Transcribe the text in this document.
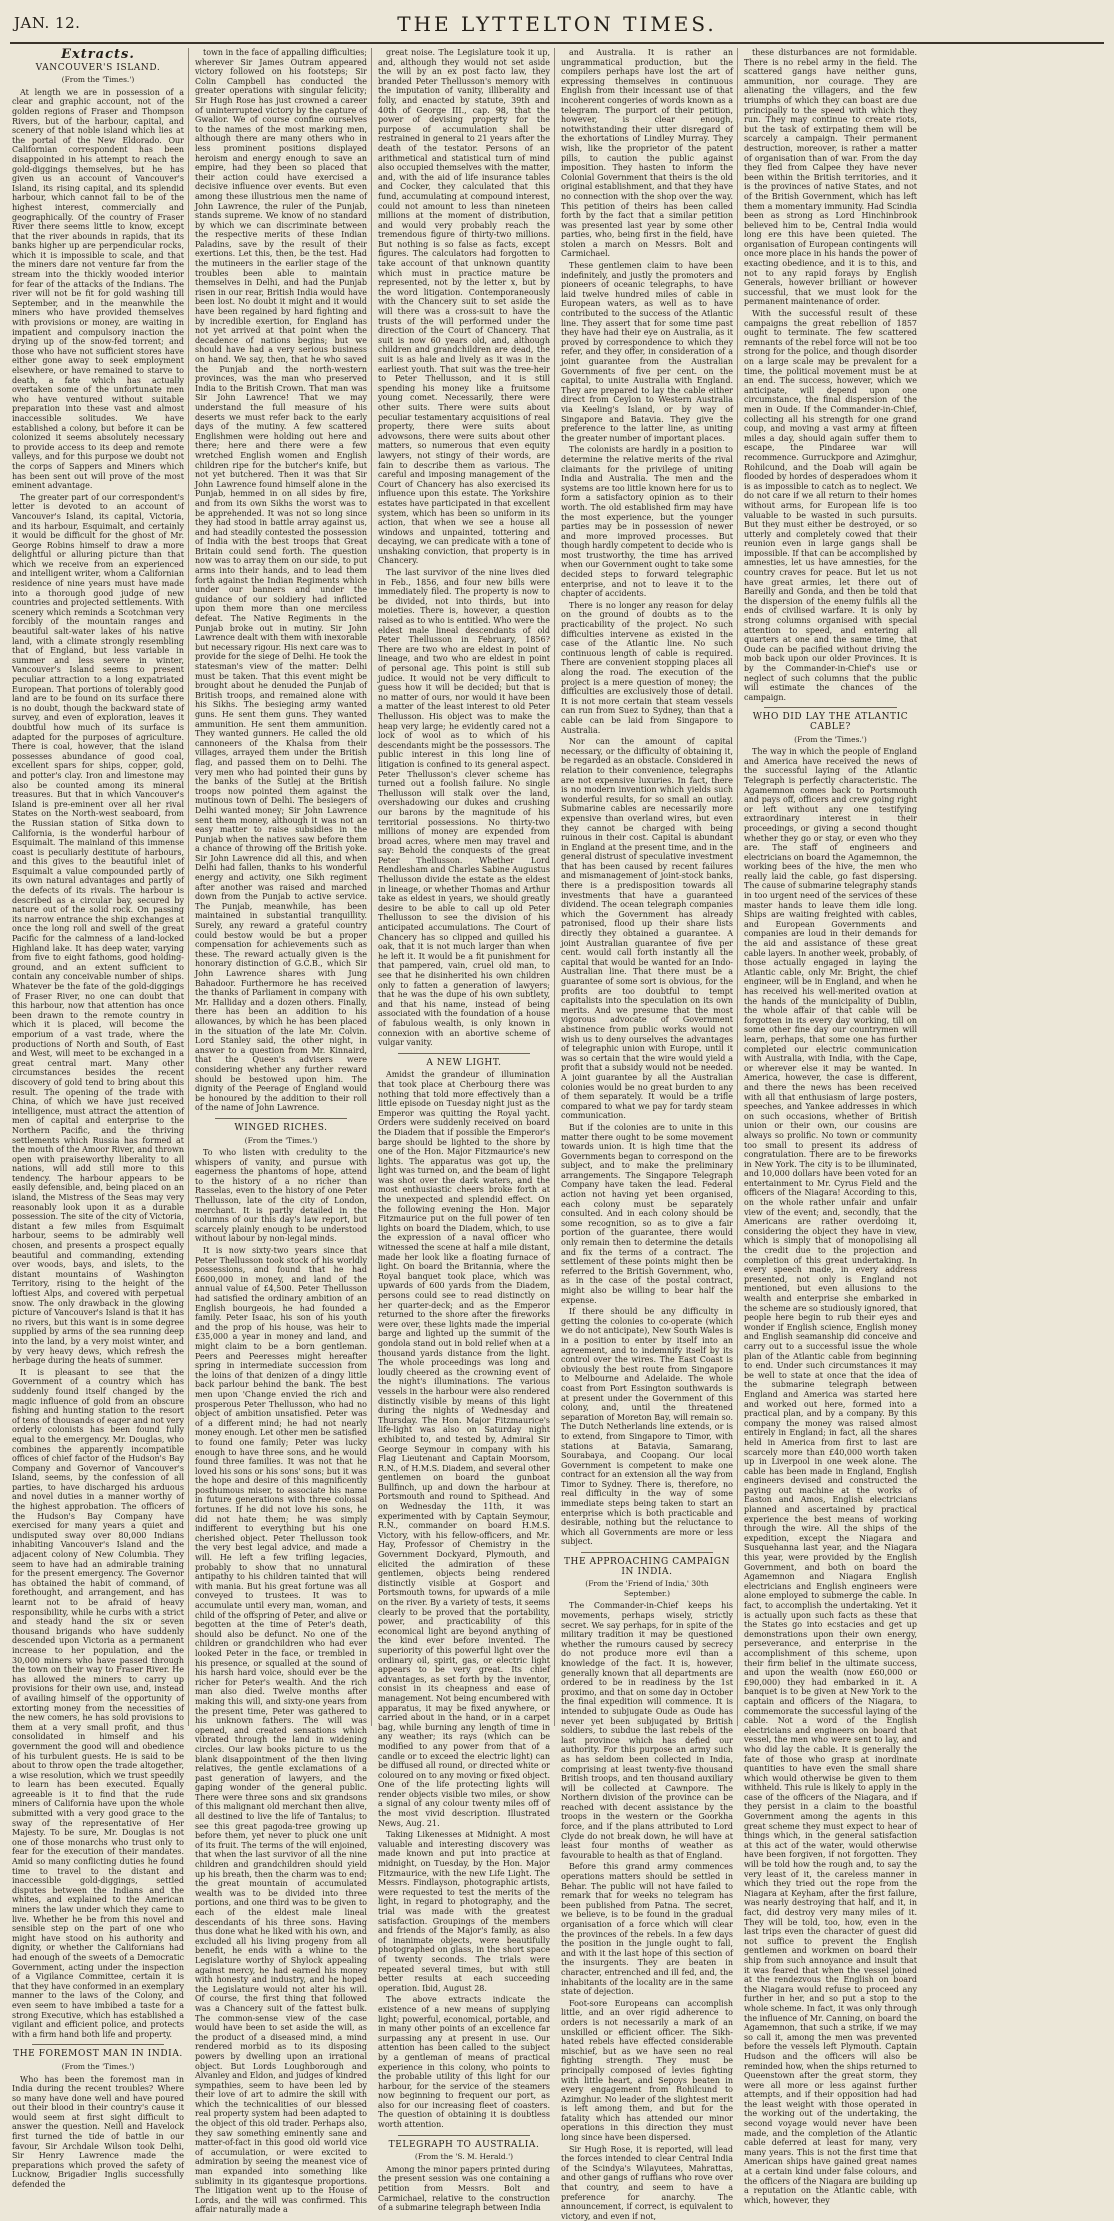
JAN. 12.	THE LYTTELTON TIMES.
Extracts.
VANCOUVER'S ISLAND.
(From the 'Times.')

At length we are in possession of a clear and graphic account, not of the golden regions of Fraser and Thompson Rivers, but of the harbour, capital, and scenery of that noble island which lies at the portal of the New Eldorado. Our Californian correspondent has been disappointed in his attempt to reach the gold-diggings themselves, but he has given us an account of Vancouver's Island, its rising capital, and its splendid harbour, which cannot fail to be of the highest interest, commercially and geographically. Of the country of Fraser River there seems little to know, except that the river abounds in rapids, that its banks higher up are perpendicular rocks, which it is impossible to scale, and that the miners dare not venture far from the stream into the thickly wooded interior for fear of the attacks of the Indians. The river will not be fit for gold washing till September, and in the meanwhile the miners who have provided themselves with provisions or money, are waiting in impatient and compulsory inaction the drying up of the snow-fed torrent; and those who have not sufficient stores have either gone away to seek employment elsewhere, or have remained to starve to death, a fate which has actually overtaken some of the unfortunate men who have ventured without suitable preparation into these vast and almost inaccessible solitudes. We have established a colony, but before it can be colonized it seems absolutely necessary to provide access to its deep and remote valleys, and for this purpose we doubt not the corps of Sappers and Miners which has been sent out will prove of the most eminent advantage.

The greater part of our correspondent's letter is devoted to an account of Vancouver's Island, its capital, Victoria, and its harbour, Esquimalt, and certainly it would be difficult for the ghost of Mr. George Robins himself to draw a more delightful or alluring picture than that which we receive from an experienced and intelligent writer, whom a Californian residence of nine years must have made into a thorough good judge of new countries and projected settlements. With scenery which reminds a Scotchman very forcibly of the mountain ranges and beautiful salt-water lakes of his native land, with a climate strongly resembling that of England, but less variable in summer and less severe in winter, Vancouver's Island seems to present peculiar attraction to a long expatriated European. That portions of tolerably good land are to be found on its surface there is no doubt, though the backward state of survey, and even of exploration, leaves it doubtful how much of its surface is adapted for the purposes of agriculture. There is coal, however, that the island possesses abundance of good coal, excellent spars for ships, copper, gold, and potter's clay. Iron and limestone may also be counted among its mineral treasures. But that in which Vancouver's Island is pre-eminent over all her rival States on the North-west seaboard, from the Russian station of Sitka down to California, is the wonderful harbour of Esquimalt. The mainland of this immense coast is peculiarly destitute of harbours, and this gives to the beautiful inlet of Esquimalt a value compounded partly of its own natural advantages and partly of the defects of its rivals. The harbour is described as a circular bay, secured by nature out of the solid rock. On passing its narrow entrance the ship exchanges at once the long roll and swell of the great Pacific for the calmness of a land-locked Highland lake. It has deep water, varying from five to eight fathoms, good holding-ground, and an extent sufficient to contain any conceivable number of ships. Whatever be the fate of the gold-diggings of Fraser River, no one can doubt that this harbour, now that attention has once been drawn to the remote country in which it is placed, will become the emporium of a vast trade, where the productions of North and South, of East and West, will meet to be exchanged in a great central mart. Many other circumstances besides the recent discovery of gold tend to bring about this result. The opening of the trade with China, of which we have just received intelligence, must attract the attention of men of capital and enterprise to the Northern Pacific, and the thriving settlements which Russia has formed at the mouth of the Amoor River, and thrown open with praiseworthy liberality to all nations, will add still more to this tendency. The harbour appears to be easily defensible, and, being placed on an island, the Mistress of the Seas may very reasonably look upon it as a durable possession. The site of the city of Victoria, distant a few miles from Esquimalt harbour, seems to be admirably well chosen, and presents a prospect equally beautiful and commanding, extending over woods, bays, and islets, to the distant mountains of Washington Territory, rising to the height of the loftiest Alps, and covered with perpetual snow. The only drawback in the glowing picture of Vancouver's Island is that it has no rivers, but this want is in some degree supplied by arms of the sea running deep into the land, by a very moist winter, and by very heavy dews, which refresh the herbage during the heats of summer.

It is pleasant to see that the Government of a country which has suddenly found itself changed by the magic influence of gold from an obscure fishing and hunting station to the resort of tens of thousands of eager and not very orderly colonists has been found fully equal to the emergency. Mr. Douglas, who combines the apparently incompatible offices of chief factor of the Hudson's Bay Company and Governor of Vancouver's Island, seems, by the confession of all parties, to have discharged his arduous and novel duties in a manner worthy of the highest approbation. The officers of the Hudson's Bay Company have exercised for many years a quiet and undisputed sway over 80,000 Indians inhabiting Vancouver's Island and the adjacent colony of New Columbia. They seem to have had an admirable training for the present emergency. The Governor has obtained the habit of command, of forethought, and arrangement, and has learnt not to be afraid of heavy responsibility, while he curbs with a strict and steady hand the six or seven thousand brigands who have suddenly descended upon Victoria as a permanent increase to her population, and the 30,000 miners who have passed through the town on their way to Fraser River. He has allowed the miners to carry up provisions for their own use, and, instead of availing himself of the opportunity of extorting money from the necessities of the new comers, he has sold provisions to them at a very small profit, and thus consolidated in himself and his government the good will and obedience of his turbulent guests. He is said to be about to throw open the trade altogether, a wise resolution, which we trust speedily to learn has been executed. Equally agreeable is it to find that the rude miners of California have upon the whole submitted with a very good grace to the sway of the representative of Her Majesty. To be sure, Mr. Douglas is not one of those monarchs who trust only to fear for the execution of their mandates. Amid so many conflicting duties he found time to travel to the distant and inaccessible gold-diggings, settled disputes between the Indians and the whites, and explained to the American miners the law under which they came to live. Whether he be from this novel and sensible step on the part of one who might have stood on his authority and dignity, or whether the Californians had had enough of the sweets of a Democratic Government, acting under the inspection of a Vigilance Committee, certain it is that they have conformed in an exemplary manner to the laws of the Colony, and even seem to have imbibed a taste for a strong Executive, which has established a vigilant and efficient police, and protects with a firm hand both life and property.

THE FOREMOST MAN IN INDIA.
(From the 'Times.')

Who has been the foremost man in India during the recent troubles? Where so many have done well and have poured out their blood in their country's cause it would seem at first sight difficult to answer the question. Neill and Havelock first turned the tide of battle in our favour, Sir Archdale Wilson took Delhi, Sir Henry Lawrence made the preparations which proved the safety of Lucknow, Brigadier Inglis successfully defended the

town in the face of appalling difficulties; wherever Sir James Outram appeared victory followed on his footsteps; Sir Colin Campbell has conducted the greater operations with singular felicity; Sir Hugh Rose has just crowned a career of uninterrupted victory by the capture of Gwalior. We of course confine ourselves to the names of the most marking men, although there are many others who in less prominent positions displayed heroism and energy enough to save an empire, had they been so placed that their action could have exercised a decisive influence over events. But even among these illustrious men the name of John Lawrence, the ruler of the Punjab, stands supreme. We know of no standard by which we can discriminate between the respective merits of these Indian Paladins, save by the result of their exertions. Let this, then, be the test. Had the mutineers in the earlier stage of the troubles been able to maintain themselves in Delhi, and had the Punjab risen in our rear, British India would have been lost. No doubt it might and it would have been regained by hard fighting and by incredible exertion, for England has not yet arrived at that point when the decadence of nations begins; but we should have had a very serious business on hand. We say, then, that he who saved the Punjab and the north-western provinces, was the man who preserved India to the British Crown. That man was Sir John Lawrence! That we may understand the full measure of his deserts we must refer back to the early days of the mutiny. A few scattered Englishmen were holding out here and there; here and there were a few wretched English women and English children ripe for the butcher's knife, but not yet butchered. Then it was that Sir John Lawrence found himself alone in the Punjab, hemmed in on all sides by fire, and from its own Sikhs the worst was to be apprehended. It was not so long since they had stood in battle array against us, and had steadily contested the possession of India with the best troops that Great Britain could send forth. The question now was to array them on our side, to put arms into their hands, and to lead them forth against the Indian Regiments which under our banners and under the guidance of our soldiery had inflicted upon them more than one merciless defeat. The Native Regiments in the Punjab broke out in mutiny. Sir John Lawrence dealt with them with inexorable but necessary rigour. His next care was to provide for the siege of Delhi. He took the statesman's view of the matter: Delhi must be taken. That this event might be brought about he denuded the Punjab of British troops, and remained alone with his Sikhs. The besieging army wanted guns. He sent them guns. They wanted ammunition. He sent them ammunition. They wanted gunners. He called the old cannoneers of the Khalsa from their villages, arrayed them under the British flag, and passed them on to Delhi. The very men who had pointed their guns by the banks of the Sutlej at the British troops now pointed them against the mutinous town of Delhi. The besiegers of Delhi wanted money; Sir John Lawrence sent them money, although it was not an easy matter to raise subsidies in the Punjab when the natives saw before them a chance of throwing off the British yoke. Sir John Lawrence did all this, and when Delhi had fallen, thanks to his wonderful energy and activity, one Sikh regiment after another was raised and marched down from the Punjab to active service. The Punjab, meanwhile, has been maintained in substantial tranquillity. Surely, any reward a grateful country could bestow would be but a proper compensation for achievements such as these. The reward actually given is the honorary distinction of G.C.B., which Sir John Lawrence shares with Jung Bahadoor. Furthermore he has received the thanks of Parliament in company with Mr. Halliday and a dozen others. Finally, there has been an addition to his allowances, by which he has been placed in the situation of the late Mr. Colvin. Lord Stanley said, the other night, in answer to a question from Mr. Kinnaird, that the Queen's advisers were considering whether any further reward should be bestowed upon him. The dignity of the Peerage of England would be honoured by the addition to their roll of the name of John Lawrence.

WINGED RICHES.
(From the 'Times.')

To who listen with credulity to the whispers of vanity, and pursue with eagerness the phantoms of hope, attend to the history of a no richer than Rasselas, even to the history of one Peter Thellusson, late of the city of London, merchant. It is partly detailed in the columns of our this day's law report, but scarcely plainly enough to be understood without labour by non-legal minds.

It is now sixty-two years since that Peter Thellusson took stock of his worldly possessions, and found that he had £600,000 in money, and land of the annual value of £4,500. Peter Thellusson had satisfied the ordinary ambition of an English bourgeois, he had founded a family. Peter Isaac, his son of his youth and the prop of his house, was heir to £35,000 a year in money and land, and might claim to be a born gentleman. Peers and Peeresses might hereafter spring in intermediate succession from the loins of that denizen of a dingy little back parlour behind the bank. The best men upon 'Change envied the rich and prosperous Peter Thellusson, who had no object of ambition unsatisfied. Peter was of a different mind; he had not nearly money enough. Let other men be satisfied to found one family; Peter was lucky enough to have three sons, and he would found three families. It was not that he loved his sons or his sons' sons; but it was the hope and desire of this magnificently posthumous miser, to associate his name in future generations with three colossal fortunes. If he did not love his sons, he did not hate them; he was simply indifferent to everything but his one cherished object. Peter Thellusson took the very best legal advice, and made a will. He left a few trifling legacies, probably to show that no unnatural antipathy to his children tainted that will with mania. But his great fortune was all conveyed to trustees. It was to accumulate until every man, woman, and child of the offspring of Peter, and alive or begotten at the time of Peter's death, should also be defunct. No one of the children or grandchildren who had ever looked Peter in the face, or trembled in his presence, or squalled at the sound of his harsh hard voice, should ever be the richer for Peter's wealth. And the rich man also died. Twelve months after making this will, and sixty-one years from the present time, Peter was gathered to his unknown fathers. The will was opened, and created sensations which vibrated through the land in widening circles. Our law books picture to us the blank disappointment of the then living relatives, the gentle exclamations of a past generation of lawyers, and the gaping wonder of the general public. There were three sons and six grandsons of this malignant old merchant then alive, all destined to live the life of Tantalus; to see this great pagoda-tree growing up before them, yet never to pluck one unit of its fruit. The terms of the will enjoined, that when the last survivor of all the nine children and grandchildren should yield up his breath, then the charm was to end; the great mountain of accumulated wealth was to be divided into three portions, and one third was to be given to each of the eldest male lineal descendants of his three sons. Having thus done what he liked with his own, and excluded all his living progeny from all benefit, he ends with a whine to the Legislature worthy of Shylock appealing against mercy, he had earned his money with honesty and industry, and he hoped the Legislature would not alter his will. Of course, the first thing that followed was a Chancery suit of the fattest bulk. The common-sense view of the case would have been to set aside the will, as the product of a diseased mind, a mind rendered morbid as to its disposing powers by dwelling upon an irrational object. But Lords Loughborough and Alvanley and Eldon, and judges of kindred sympathies, seem to have been led by their love of art to admire the skill with which the technicalities of our blessed real property system had been adapted to the object of this old trader. Perhaps also, they saw something eminently sane and matter-of-fact in this good old world vice of accumulation, or were excited to admiration by seeing the meanest vice of man expanded into something like sublimity in its gigantesque proportions. The litigation went up to the House of Lords, and the will was confirmed. This affair naturally made a

great noise. The Legislature took it up, and, although they would not set aside the will by an ex post facto law, they branded Peter Thellusson's memory with the imputation of vanity, illiberality and folly, and enacted by statute, 39th and 40th of George III., cap. 98, that the power of devising property for the purpose of accumulation shall be restrained in general to 21 years after the death of the testator. Persons of an arithmetical and statistical turn of mind also occupied themselves with the matter, and, with the aid of life insurance tables and Cocker, they calculated that this fund, accumulating at compound interest, could not amount to less than nineteen millions at the moment of distribution, and would very probably reach the tremendous figure of thirty-two millions. But nothing is so false as facts, except figures. The calculators had forgotten to take account of that unknown quantity which must in practice mature be represented, not by the letter x, but by the word litigation. Contemporaneously with the Chancery suit to set aside the will there was a cross-suit to have the trusts of the will performed under the direction of the Court of Chancery. That suit is now 60 years old, and, although children and grandchildren are dead, the suit is as hale and lively as it was in the earliest youth. That suit was the tree-heir to Peter Thellusson, and it is still spending his money like a fruitsome young comet. Necessarily, there were other suits. There were suits about peculiar testamentary acquisitions of real property, there were suits about advowsons, there were suits about other matters, so numerous that even equity lawyers, not stingy of their words, are fain to describe them as various. The careful and imposing management of the Court of Chancery has also exercised its influence upon this estate. The Yorkshire estates have participated in that excellent system, which has been so uniform in its action, that when we see a house all windows and unpainted, tottering and decaying, we can predicate with a tone of unshaking conviction, that property is in Chancery.

The last survivor of the nine lives died in Feb., 1856, and four new bills were immediately filed. The property is now to be divided, not into thirds, but into moieties. There is, however, a question raised as to who is entitled. Who were the eldest male lineal descendants of old Peter Thellusson in February, 1856? There are two who are eldest in point of lineage, and two who are eldest in point of personal age. This point is still sub judice. It would not be very difficult to guess how it will be decided; but that is no matter of ours, nor would it have been a matter of the least interest to old Peter Thellusson. His object was to make the heap very large; he evidently cared not a lock of wool as to which of his descendants might be the possessors. The public interest in this long line of litigation is confined to its general aspect. Peter Thellusson's clever scheme has turned out a foolish failure. No single Thellusson will stalk over the land, overshadowing our dukes and crushing our barons by the magnitude of his territorial possessions. No thirty-two millions of money are expended from broad acres, where men may travel and say: Behold the conquests of the great Peter Thellusson. Whether Lord Rendlesham and Charles Sabine Augustus Thellusson divide the estate as the eldest in lineage, or whether Thomas and Arthur take as eldest in years, we should greatly desire to be able to call up old Peter Thellusson to see the division of his anticipated accumulations. The Court of Chancery has so clipped and quilled his oak, that it is not much larger than when he left it. It would be a fit punishment for that pampered, vain, cruel old man, to see that he disinherited his own children only to fatten a generation of lawyers; that he was the dupe of his own subtlety, and that his name, instead of being associated with the foundation of a house of fabulous wealth, is only known in connexion with an abortive scheme of vulgar vanity.

A NEW LIGHT.

Amidst the grandeur of illumination that took place at Cherbourg there was nothing that told more effectively than a little episode on Tuesday night just as the Emperor was quitting the Royal yacht. Orders were suddenly received on board the Diadem that if possible the Emperor's barge should be lighted to the shore by one of the Hon. Major Fitzmaurice's new lights. The apparatus was got up, the light was turned on, and the beam of light was shot over the dark waters, and the most enthusiastic cheers broke forth at the unexpected and splendid effect. On the following evening the Hon. Major Fitzmaurice put on the full power of ten lights on board the Diadem, which, to use the expression of a naval officer who witnessed the scene at half a mile distant, made her look like a floating furnace of light. On board the Britannia, where the Royal banquet took place, which was upwards of 600 yards from the Diadem, persons could see to read distinctly on her quarter-deck; and as the Emperor returned to the shore after the fireworks were over, these lights made the imperial barge and lighted up the summit of the gondola stand out in bold relief when at a thousand yards distance from the light. The whole proceedings was long and loudly cheered as the crowning event of the night's illuminations. The various vessels in the harbour were also rendered distinctly visible by means of this light during the nights of Wednesday and Thursday. The Hon. Major Fitzmaurice's life-light was also on Saturday night exhibited to, and tested by, Admiral Sir George Seymour in company with his Flag Lieutenant and Captain Moorsom, R.N., of H.M.S. Diadem, and several other gentlemen on board the gunboat Bullfinch, up and down the harbour at Portsmouth and round to Spithead. And on Wednesday the 11th, it was experimented with by Captain Seymour, R.N., commander on board H.M.S. Victory, with his fellow-officers, and Mr. Hay, Professor of Chemistry in the Government Dockyard, Plymouth, and elicited the admiration of these gentlemen, objects being rendered distinctly visible at Gosport and Portsmouth towns, for upwards of a mile on the river. By a variety of tests, it seems clearly to be proved that the portability, power, and practicability of this economical light are beyond anything of the kind ever before invented. The superiority of this powerful light over the ordinary oil, spirit, gas, or electric light appears to be very great. Its chief advantages, as set forth by the inventor, consist in its cheapness and ease of management. Not being encumbered with apparatus, it may be fixed anywhere, or carried about in the hand, or in a carpet bag, while burning any length of time in any weather; its rays (which can be modified to any power from that of a candle or to exceed the electric light) can be diffused all round, or directed white or coloured on to any moving or fixed object. One of the life protecting lights will render objects visible two miles, or show a signal of any colour twenty miles off of the most vivid description. Illustrated News, Aug. 21.

Taking Likenesses at Midnight. A most valuable and interesting discovery was made known and put into practice at midnight, on Tuesday, by the Hon. Major Fitzmaurice, with the new Life Light. The Messrs. Findlayson, photographic artists, were requested to test the merits of the light, in regard to photography, and the trial was made with the greatest satisfaction. Groupings of the members and friends of the Major's family, as also of inanimate objects, were beautifully photographed on glass, in the short space of twenty seconds. The trials were repeated several times, but with still better results at each succeeding operation. Ibid, August 28.

The above extracts indicate the existence of a new means of supplying light; powerful, economical, portable, and in many other points of an excellence far surpassing any at present in use. Our attention has been called to the subject by a gentleman of means of practical experience in this colony, who points to the probable utility of this light for our harbour, for the service of the steamers now beginning to frequent our port, as also for our increasing fleet of coasters. The question of obtaining it is doubtless worth attention.

TELEGRAPH TO AUSTRALIA.
(From the 'S. M. Herald.')

Among the minor papers printed during the present session was one containing a petition from Messrs. Bolt and Carmichael, relative to the construction of a submarine telegraph between India

and Australia. It is rather an ungrammatical production, but the compilers perhaps have lost the art of expressing themselves in continuous English from their incessant use of that incoherent congeries of words known as a telegram. The purport of their petition, however, is clear enough, notwithstanding their utter disregard of the exhortations of Lindley Murray. They wish, like the proprietor of the patent pills, to caution the public against imposition. They hasten to inform the Colonial Government that theirs is the old original establishment, and that they have no connection with the shop over the way. This petition of theirs has been called forth by the fact that a similar petition was presented last year by some other parties, who, being first in the field, have stolen a march on Messrs. Bolt and Carmichael.

These gentlemen claim to have been indefinitely, and justly the promoters and pioneers of oceanic telegraphs, to have laid twelve hundred miles of cable in European waters, as well as to have contributed to the success of the Atlantic line. They assert that for some time past they have had their eye on Australia, as it proved by correspondence to which they refer, and they offer, in consideration of a joint guarantee from the Australian Governments of five per cent. on the capital, to unite Australia with England. They are prepared to lay the cable either direct from Ceylon to Western Australia via Keeling's Island, or by way of Singapore and Batavia. They give the preference to the latter line, as uniting the greater number of important places.

The colonists are hardly in a position to determine the relative merits of the rival claimants for the privilege of uniting India and Australia. The men and the systems are too little known here for us to form a satisfactory opinion as to their worth. The old established firm may have the most experience, but the younger parties may be in possession of newer and more improved processes. But though hardly competent to decide who is most trustworthy, the time has arrived when our Government ought to take some decided steps to forward telegraphic enterprise, and not to leave it to the chapter of accidents.

There is no longer any reason for delay on the ground of doubts as to the practicability of the project. No such difficulties intervene as existed in the case of the Atlantic line. No such continuous length of cable is required. There are convenient stopping places all along the road. The execution of the project is a mere question of money; the difficulties are exclusively those of detail. It is not more certain that steam vessels can run from Suez to Sydney, than that a cable can be laid from Singapore to Australia.

Nor can the amount of capital necessary, or the difficulty of obtaining it, be regarded as an obstacle. Considered in relation to their convenience, telegraphs are not expensive luxuries. In fact, there is no modern invention which yields such wonderful results, for so small an outlay. Submarine cables are necessarily more expensive than overland wires, but even they cannot be charged with being ruinous in their cost. Capital is abundant in England at the present time, and in the general distrust of speculative investment that has been caused by recent failures and mismanagement of joint-stock banks, there is a predisposition towards all investments that have a guaranteed dividend. The ocean telegraph companies which the Government has already patronised, flood up their share lists directly they obtained a guarantee. A joint Australian guarantee of five per cent. would call forth instantly all the capital that would be wanted for an Indo-Australian line. That there must be a guarantee of some sort is obvious, for the profits are too doubtful to tempt capitalists into the speculation on its own merits. And we presume that the most vigorous advocate of Government abstinence from public works would not wish us to deny ourselves the advantages of telegraphic union with Europe, until it was so certain that the wire would yield a profit that a subsidy would not be needed. A joint guarantee by all the Australian colonies would be no great burden to any of them separately. It would be a trifle compared to what we pay for tardy steam communication.

But if the colonies are to unite in this matter there ought to be some movement towards union. It is high time that the Governments began to correspond on the subject, and to make the preliminary arrangements. The Singapore Telegraph Company have taken the lead. Federal action not having yet been organised, each colony must be separately consulted. And in each colony should be some recognition, so as to give a fair portion of the guarantee, there would only remain then to determine the details and fix the terms of a contract. The settlement of these points might then be referred to the British Government, who, as in the case of the postal contract, might also be willing to bear half the expense.

If there should be any difficulty in getting the colonies to co-operate (which we do not anticipate), New South Wales is in a position to enter by itself into an agreement, and to indemnify itself by its control over the wires. The East Coast is obviously the best route from Singapore to Melbourne and Adelaide. The whole coast from Port Essington southwards is at present under the Government of this colony, and, until the threatened separation of Moreton Bay, will remain so. The Dutch Netherlands line extends, or is to extend, from Singapore to Timor, with stations at Batavia, Samarang, Sourabaya, and Coopang. Our local Government is competent to make one contract for an extension all the way from Timor to Sydney. There is, therefore, no real difficulty in the way of some immediate steps being taken to start an enterprise which is both practicable and desirable, nothing but the reluctance to which all Governments are more or less subject.

THE APPROACHING CAMPAIGN IN INDIA.
(From the 'Friend of India,' 30th September.)

The Commander-in-Chief keeps his movements, perhaps wisely, strictly secret. We say perhaps, for in spite of the military tradition it may be questioned whether the rumours caused by secrecy do not produce more evil than a knowledge of the fact. It is, however, generally known that all departments are ordered to be in readiness by the 1st proximo, and that on some day in October the final expedition will commence. It is intended to subjugate Oude as Oude has never yet been subjugated by British soldiers, to subdue the last rebels of the last province which has defied our authority. For this purpose an army such as has seldom been collected in India, comprising at least twenty-five thousand British troops, and ten thousand auxiliary will be collected at Cawnpore. The Northern division of the province can be reached with decent assistance by the troops in the western or the Goorkha force, and if the plans attributed to Lord Clyde do not break down, he will have at least four months of weather as favourable to health as that of England.

Before this grand army commences operations matters should be settled in Behar. The public will not have failed to remark that for weeks no telegram has been published from Patna. The secret, we believe, is to be found in the gradual organisation of a force which will clear the provinces of the rebels. In a few days the position in the jungle ought to fall, and with it the last hope of this section of the insurgents. They are beaten in character, entrenched and ill fed, and, the inhabitants of the locality are in the same state of dejection.

Foot-sore Europeans can accomplish little, and an over rigid adherence to orders is not necessarily a mark of an unskilled or efficient officer. The Sikh-hated rebels have effected considerable mischief, but as we have seen no real fighting strength. They must be principally composed of levies fighting with little heart, and Sepoys beaten in every engagement from Rohilcund to Azimghur. No leader of the slightest merit is left among them, and but for the fatality which has attended our minor operations in this direction they must long since have been dispersed.

Sir Hugh Rose, it is reported, will lead the forces intended to clear Central India of the Scindya's Wilayutees, Mahrattas, and other gangs of ruffians who rove over that country, and seem to have a preference for anarchy. The announcement, if correct, is equivalent to victory, and even if not,

these disturbances are not formidable. There is no rebel army in the field. The scattered gangs have neither guns, ammunition, nor courage. They are alienating the villagers, and the few triumphs of which they can boast are due principally to the speed with which they run. They may continue to create riots, but the task of extirpating them will be scarcely a campaign. Their permanent destruction, moreover, is rather a matter of organisation than of war. From the day they fled from Calpee they have never been within the British territories, and it is the provinces of native States, and not of the British Government, which has left them a momentary immunity. Had Scindia been as strong as Lord Hinchinbrook believed him to be, Central India would long ere this have been quieted. The organisation of European contingents will once more place in his hands the power of exacting obedience, and it is to this, and not to any rapid forays by English Generals, however brilliant or however successful, that we must look for the permanent maintenance of order.

With the successful result of these campaigns the great rebellion of 1857 ought to terminate. The few scattered remnants of the rebel force will not be too strong for the police, and though disorder on a large scale may be prevalent for a time, the political movement must be at an end. The success, however, which we anticipate, will depend upon one circumstance, the final dispersion of the men in Oude. If the Commander-in-Chief, collecting all his strength for one grand coup, and moving a vast army at fifteen miles a day, should again suffer them to escape, the Pindaree war will recommence. Gurruckpore and Azimghur, Rohilcund, and the Doab will again be flooded by hordes of desperadoes whom it is as impossible to catch as to neglect. We do not care if we all return to their homes without arms, for European life is too valuable to be wasted in such pursuits. But they must either be destroyed, or so utterly and completely cowed that their reunion even in large gangs shall be impossible. If that can be accomplished by amnesties, let us have amnesties, for the country craves for peace. But let us not have great armies, let there out of Bareilly and Gonda, and then be told that the dispersion of the enemy fulfils all the ends of civilised warfare. It is only by strong columns organised with special attention to speed, and entering all quarters at one and the same time, that Oude can be pacified without driving the mob back upon our older Provinces. It is by the Commander-in-Chief's use or neglect of such columns that the public will estimate the chances of the campaign.

WHO DID LAY THE ATLANTIC CABLE?
(From the 'Times.')

The way in which the people of England and America have received the news of the successful laying of the Atlantic Telegraph is perfectly characteristic. The Agamemnon comes back to Portsmouth and pays off, officers and crew going right or left without any one testifying extraordinary interest in their proceedings, or giving a second thought whether they go or stay, or even who they are. The staff of engineers and electricians on board the Agamemnon, the working bees of the hive, the men who really laid the cable, go fast dispersing. The cause of submarine telegraphy stands in too urgent need of the services of these master hands to leave them idle long. Ships are waiting freighted with cables, and European Governments and companies are loud in their demands for the aid and assistance of these great cable layers. In another week, probably, of those actually engaged in laying the Atlantic cable, only Mr. Bright, the chief engineer, will be in England, and when he has received his well-merited ovation at the hands of the municipality of Dublin, the whole affair of that cable will be forgotten in its every day working, till on some other fine day our countrymen will learn, perhaps, that some one has further completed our electric communication with Australia, with India, with the Cape, or wherever else it may be wanted. In America, however, the case is different, and there the news has been received with all that enthusiasm of large posters, speeches, and Yankee addresses in which on such occasions, whether of British union or their own, our cousins are always so prolific. No town or community too small to present its address of congratulation. There are to be fireworks in New York. The city is to be illuminated, and 10,000 dollars have been voted for an entertainment to Mr. Cyrus Field and the officers of the Niagara! According to this, on the whole rather unfair and unfair view of the event; and, secondly, that the Americans are rather overdoing it, considering the object they have in view, which is simply that of monopolising all the credit due to the projection and completion of this great undertaking. In every speech made, in every address presented, not only is England not mentioned, but even allusions to the wealth and enterprise she embarked in the scheme are so studiously ignored, that people here begin to rub their eyes and wonder if English science, English money and English seamanship did conceive and carry out to a successful issue the whole plan of the Atlantic cable from beginning to end. Under such circumstances it may be well to state at once that the idea of the submarine telegraph between England and America was started here and worked out here, formed into a practical plan, and by a company. By this company the money was raised almost entirely in England; in fact, all the shares held in America from first to last are scarcely more than £40,000 worth taken up in Liverpool in one week alone. The cable has been made in England, English engineers devised and constructed the paying out machine at the works of Easton and Amos, English electricians planned and ascertained by practical experience the best means of working through the wire. All the ships of the expedition, except the Niagara and Susquehanna last year, and the Niagara this year, were provided by the English Government, and both on board the Agamemnon and Niagara English electricians and English engineers were alone employed to submerge the cable. In fact, to accomplish the undertaking. Yet it is actually upon such facts as these that the States go into ecstacies and get up demonstrations upon their own energy, perseverance, and enterprise in the accomplishment of this scheme, upon their firm belief in the ultimate success, and upon the wealth (now £60,000 or £90,000) they had embarked in it. A banquet is to be given at New York to the captain and officers of the Niagara, to commemorate the successful laying of the cable. Not a word of the English electricians and engineers on board that vessel, the men who were sent to lay, and who did lay the cable. It is generally the fate of those who grasp at inordinate quantities to have even the small share which would otherwise be given to them withheld. This rule is likely to apply in the case of the officers of the Niagara, and if they persist in a claim to the boastful Government among the agents in this great scheme they must expect to hear of things which, in the general satisfaction at this act of the water, would otherwise have been forgiven, if not forgotten. They will be told how the rough and, to say the very least of it, the careless manner in which they tried out the rope from the Niagara at Keyham, after the first failure, was nearly destroying that half, and it, in fact, did destroy very many miles of it. They will be told, too, how, even in the last trips even the character of guest did not suffice to prevent the English gentlemen and workmen on board their ship from such annoyance and insult that it was feared that when the vessel joined at the rendezvous the English on board the Niagara would refuse to proceed any further in her, and so put a stop to the whole scheme. In fact, it was only through the influence of Mr. Canning, on board the Agamemnon, that such a strike, if we may so call it, among the men was prevented before the vessels left Plymouth. Captain Hudson and the officers will also be reminded how, when the ships returned to Queenstown after the great storm, they were all more or less against further attempts, and if their opposition had had the least weight with those operated in the working out of the undertaking, the second voyage would never have been made, and the completion of the Atlantic cable deferred at least for many, very many years. This is not the first time that American ships have gained great names at a certain kind under false colours, and the officers of the Niagara are building up a reputation on the Atlantic cable, with which, however, they
